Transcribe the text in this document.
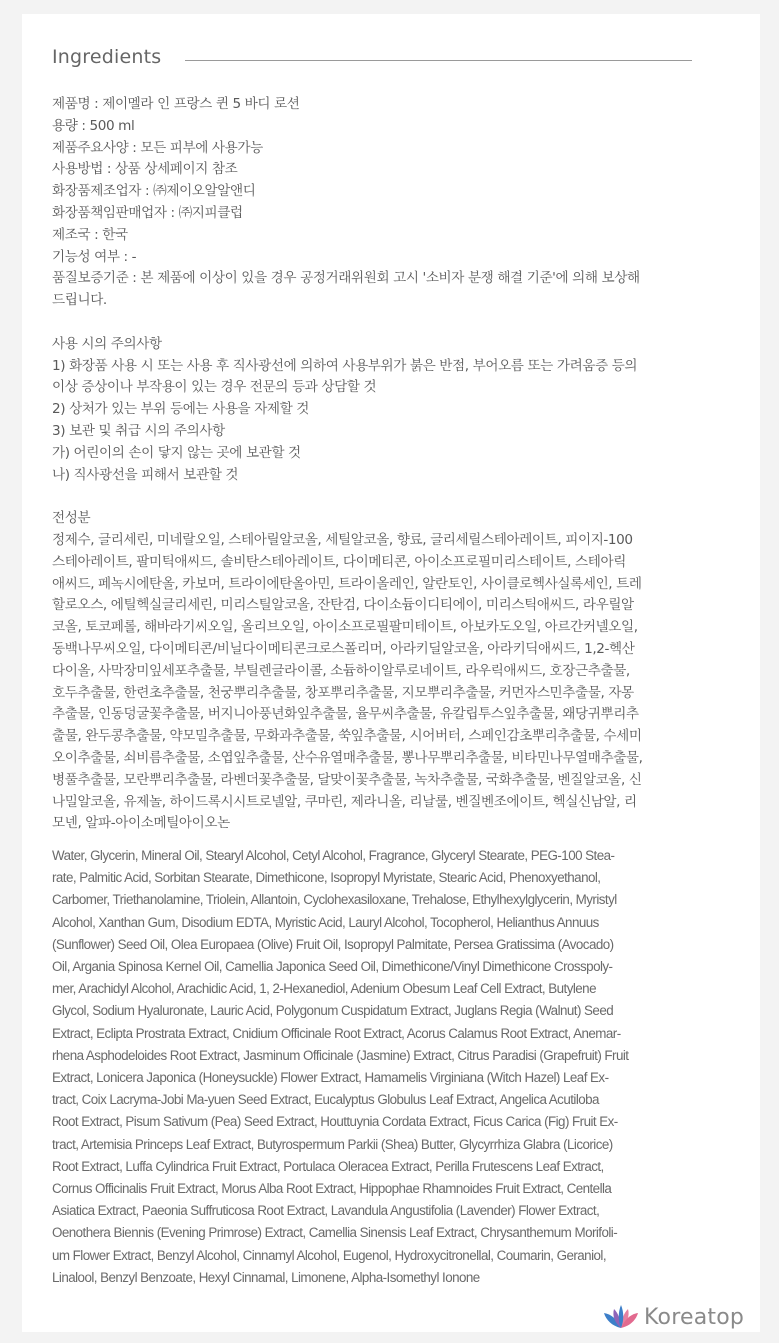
Ingredients
제품명 : 제이멜라 인 프랑스 퀸 5 바디 로션
용량 : 500 ml
제품주요사양 : 모든 피부에 사용가능
사용방법 : 상품 상세페이지 참조
화장품제조업자 : ㈜제이오알알앤디
화장품책임판매업자 : ㈜지피클럽
제조국 : 한국
기능성 여부 : -
품질보증기준 : 본 제품에 이상이 있을 경우 공정거래위원회 고시 '소비자 분쟁 해결 기준'에 의해 보상해
드립니다.
사용 시의 주의사항
1) 화장품 사용 시 또는 사용 후 직사광선에 의하여 사용부위가 붉은 반점, 부어오름 또는 가려움증 등의
이상 증상이나 부작용이 있는 경우 전문의 등과 상담할 것
2) 상처가 있는 부위 등에는 사용을 자제할 것
3) 보관 및 취급 시의 주의사항
가) 어린이의 손이 닿지 않는 곳에 보관할 것
나) 직사광선을 피해서 보관할 것
전성분
정제수, 글리세린, 미네랄오일, 스테아릴알코올, 세틸알코올, 향료, 글리세릴스테아레이트, 피이지-100
스테아레이트, 팔미틱애씨드, 솔비탄스테아레이트, 다이메티콘, 아이소프로필미리스테이트, 스테아릭
애씨드, 페녹시에탄올, 카보머, 트라이에탄올아민, 트라이올레인, 알란토인, 사이클로헥사실록세인, 트레
할로오스, 에틸헥실글리세린, 미리스틸알코올, 잔탄검, 다이소듐이디티에이, 미리스틱애씨드, 라우릴알
코올, 토코페롤, 해바라기씨오일, 올리브오일, 아이소프로필팔미테이트, 아보카도오일, 아르간커넬오일,
동백나무씨오일, 다이메티콘/비닐다이메티콘크로스폴리머, 아라키딜알코올, 아라키딕애씨드, 1,2-헥산
다이올, 사막장미잎세포추출물, 부틸렌글라이콜, 소듐하이알루로네이트, 라우릭애씨드, 호장근추출물,
호두추출물, 한련초추출물, 천궁뿌리추출물, 창포뿌리추출물, 지모뿌리추출물, 커먼자스민추출물, 자몽
추출물, 인동덩굴꽃추출물, 버지니아풍년화잎추출물, 율무씨추출물, 유칼립투스잎추출물, 왜당귀뿌리추
출물, 완두콩추출물, 약모밀추출물, 무화과추출물, 쑥잎추출물, 시어버터, 스페인감초뿌리추출물, 수세미
오이추출물, 쇠비름추출물, 소엽잎추출물, 산수유열매추출물, 뽕나무뿌리추출물, 비타민나무열매추출물,
병풀추출물, 모란뿌리추출물, 라벤더꽃추출물, 달맞이꽃추출물, 녹차추출물, 국화추출물, 벤질알코올, 신
나밀알코올, 유제놀, 하이드록시시트로넬알, 쿠마린, 제라니올, 리날룰, 벤질벤조에이트, 헥실신남알, 리
모넨, 알파-아이소메틸아이오논
Water, Glycerin, Mineral Oil, Stearyl Alcohol, Cetyl Alcohol, Fragrance, Glyceryl Stearate, PEG-100 Stea-
rate, Palmitic Acid, Sorbitan Stearate, Dimethicone, Isopropyl Myristate, Stearic Acid, Phenoxyethanol,
Carbomer, Triethanolamine, Triolein, Allantoin, Cyclohexasiloxane, Trehalose, Ethylhexylglycerin, Myristyl
Alcohol, Xanthan Gum, Disodium EDTA, Myristic Acid, Lauryl Alcohol, Tocopherol, Helianthus Annuus
(Sunflower) Seed Oil, Olea Europaea (Olive) Fruit Oil, Isopropyl Palmitate, Persea Gratissima (Avocado)
Oil, Argania Spinosa Kernel Oil, Camellia Japonica Seed Oil, Dimethicone/Vinyl Dimethicone Crosspoly-
mer, Arachidyl Alcohol, Arachidic Acid, 1, 2-Hexanediol, Adenium Obesum Leaf Cell Extract, Butylene
Glycol, Sodium Hyaluronate, Lauric Acid, Polygonum Cuspidatum Extract, Juglans Regia (Walnut) Seed
Extract, Eclipta Prostrata Extract, Cnidium Officinale Root Extract, Acorus Calamus Root Extract, Anemar-
rhena Asphodeloides Root Extract, Jasminum Officinale (Jasmine) Extract, Citrus Paradisi (Grapefruit) Fruit
Extract, Lonicera Japonica (Honeysuckle) Flower Extract, Hamamelis Virginiana (Witch Hazel) Leaf Ex-
tract, Coix Lacryma-Jobi Ma-yuen Seed Extract, Eucalyptus Globulus Leaf Extract, Angelica Acutiloba
Root Extract, Pisum Sativum (Pea) Seed Extract, Houttuynia Cordata Extract, Ficus Carica (Fig) Fruit Ex-
tract, Artemisia Princeps Leaf Extract, Butyrospermum Parkii (Shea) Butter, Glycyrrhiza Glabra (Licorice)
Root Extract, Luffa Cylindrica Fruit Extract, Portulaca Oleracea Extract, Perilla Frutescens Leaf Extract,
Cornus Officinalis Fruit Extract, Morus Alba Root Extract, Hippophae Rhamnoides Fruit Extract, Centella
Asiatica Extract, Paeonia Suffruticosa Root Extract, Lavandula Angustifolia (Lavender) Flower Extract,
Oenothera Biennis (Evening Primrose) Extract, Camellia Sinensis Leaf Extract, Chrysanthemum Morifoli-
um Flower Extract, Benzyl Alcohol, Cinnamyl Alcohol, Eugenol, Hydroxycitronellal, Coumarin, Geraniol,
Linalool, Benzyl Benzoate, Hexyl Cinnamal, Limonene, Alpha-Isomethyl Ionone
Koreatop
